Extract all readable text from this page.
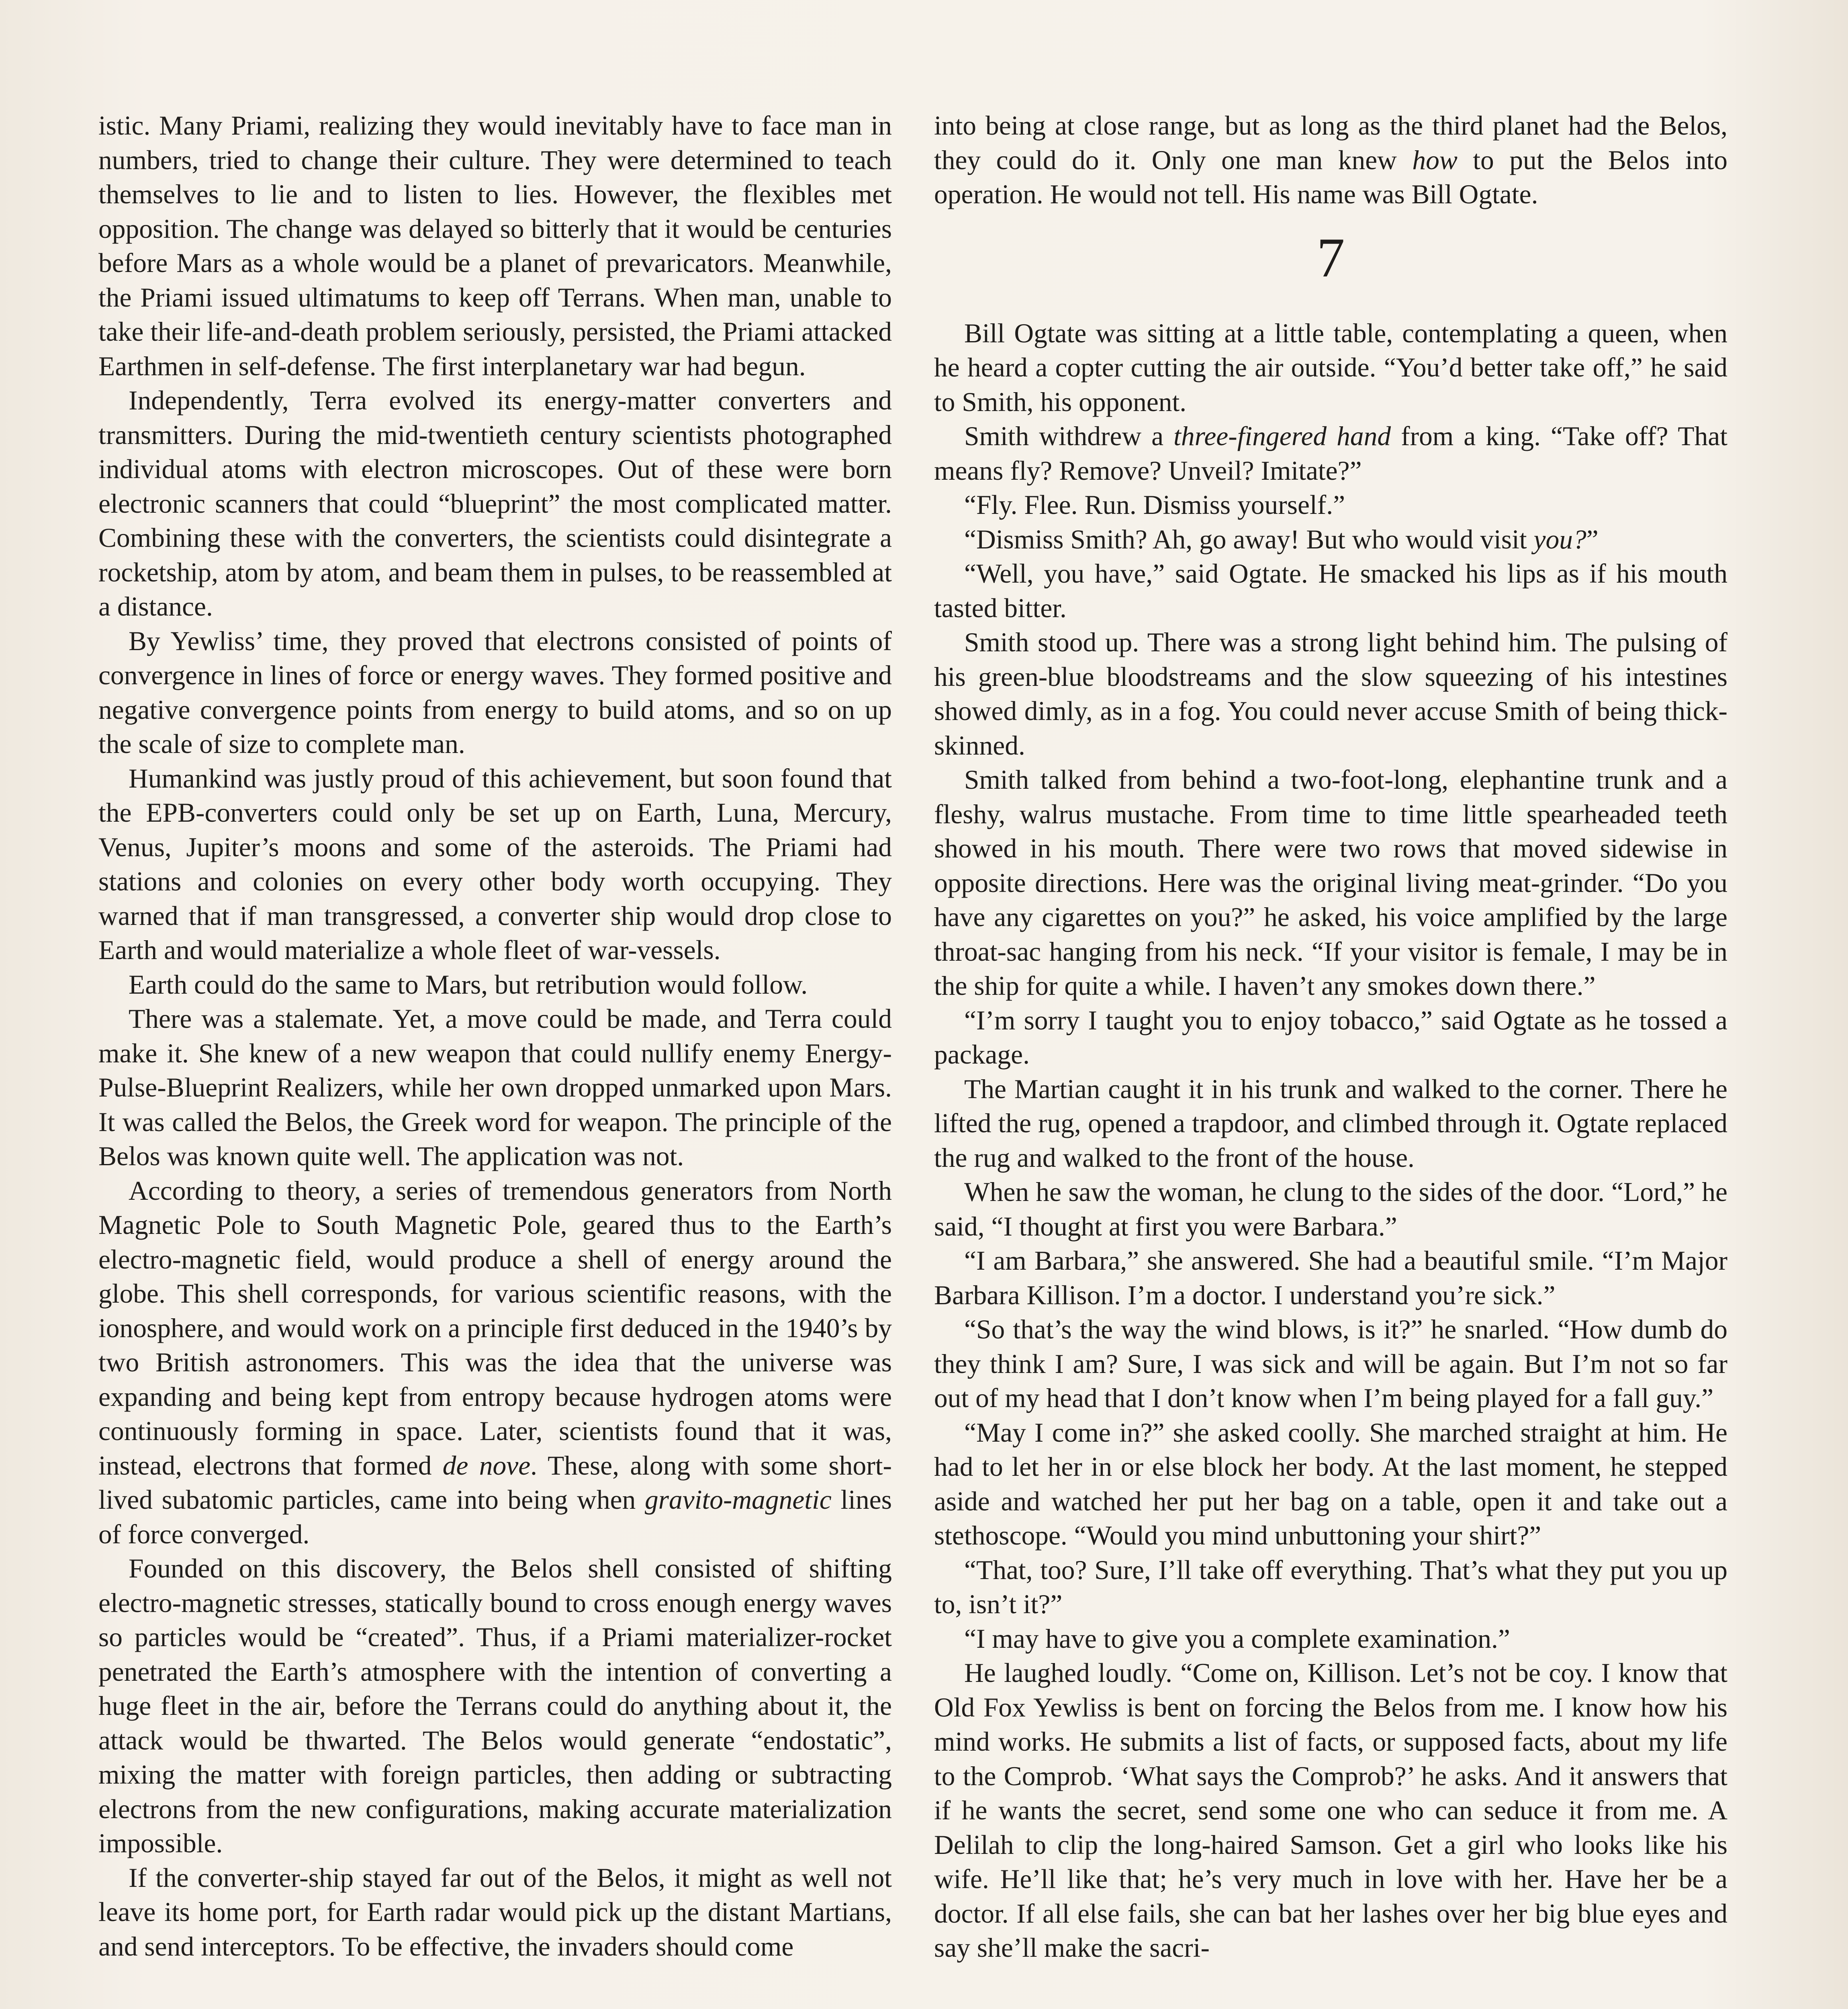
istic. Many Priami, realizing they would inevitably have to face man in numbers, tried to change their culture. They were determined to teach themselves to lie and to listen to lies. However, the flexibles met opposition. The change was delayed so bitterly that it would be centuries before Mars as a whole would be a planet of prevaricators. Meanwhile, the Priami issued ultimatums to keep off Terrans. When man, unable to take their life-and-death problem seriously, persisted, the Priami attacked Earthmen in self-defense. The first interplanetary war had begun.

Independently, Terra evolved its energy-matter converters and transmitters. During the mid-twentieth century scientists photographed individual atoms with electron microscopes. Out of these were born electronic scanners that could “blueprint” the most complicated matter. Combining these with the converters, the scientists could disintegrate a rocketship, atom by atom, and beam them in pulses, to be reassembled at a distance.

By Yewliss’ time, they proved that electrons consisted of points of convergence in lines of force or energy waves. They formed positive and negative convergence points from energy to build atoms, and so on up the scale of size to complete man.

Humankind was justly proud of this achievement, but soon found that the EPB-converters could only be set up on Earth, Luna, Mercury, Venus, Jupiter’s moons and some of the asteroids. The Priami had stations and colonies on every other body worth occupying. They warned that if man transgressed, a converter ship would drop close to Earth and would materialize a whole fleet of war-vessels.

Earth could do the same to Mars, but retribution would follow.

There was a stalemate. Yet, a move could be made, and Terra could make it. She knew of a new weapon that could nullify enemy Energy-Pulse-Blueprint Realizers, while her own dropped unmarked upon Mars. It was called the Belos, the Greek word for weapon. The principle of the Belos was known quite well. The application was not.

According to theory, a series of tremendous generators from North Magnetic Pole to South Magnetic Pole, geared thus to the Earth’s electro-magnetic field, would produce a shell of energy around the globe. This shell corresponds, for various scientific reasons, with the ionosphere, and would work on a principle first deduced in the 1940’s by two British astronomers. This was the idea that the universe was expanding and being kept from entropy because hydrogen atoms were continuously forming in space. Later, scientists found that it was, instead, electrons that formed de nove. These, along with some short-lived subatomic particles, came into being when gravito-magnetic lines of force converged.

Founded on this discovery, the Belos shell consisted of shifting electro-magnetic stresses, statically bound to cross enough energy waves so particles would be “created”. Thus, if a Priami materializer-rocket penetrated the Earth’s atmosphere with the intention of converting a huge fleet in the air, before the Terrans could do anything about it, the attack would be thwarted. The Belos would generate “endostatic”, mixing the matter with foreign particles, then adding or subtracting electrons from the new configurations, making accurate materialization impossible.

If the converter-ship stayed far out of the Belos, it might as well not leave its home port, for Earth radar would pick up the distant Martians, and send interceptors. To be effective, the invaders should come

into being at close range, but as long as the third planet had the Belos, they could do it. Only one man knew how to put the Belos into operation. He would not tell. His name was Bill Ogtate.

7

Bill Ogtate was sitting at a little table, contemplating a queen, when he heard a copter cutting the air outside. “You’d better take off,” he said to Smith, his opponent.

Smith withdrew a three-fingered hand from a king. “Take off? That means fly? Remove? Unveil? Imitate?”

“Fly. Flee. Run. Dismiss yourself.”

“Dismiss Smith? Ah, go away! But who would visit you?”

“Well, you have,” said Ogtate. He smacked his lips as if his mouth tasted bitter.

Smith stood up. There was a strong light behind him. The pulsing of his green-blue bloodstreams and the slow squeezing of his intestines showed dimly, as in a fog. You could never accuse Smith of being thick-skinned.

Smith talked from behind a two-foot-long, elephantine trunk and a fleshy, walrus mustache. From time to time little spearheaded teeth showed in his mouth. There were two rows that moved sidewise in opposite directions. Here was the original living meat-grinder. “Do you have any cigarettes on you?” he asked, his voice amplified by the large throat-sac hanging from his neck. “If your visitor is female, I may be in the ship for quite a while. I haven’t any smokes down there.”

“I’m sorry I taught you to enjoy tobacco,” said Ogtate as he tossed a package.

The Martian caught it in his trunk and walked to the corner. There he lifted the rug, opened a trapdoor, and climbed through it. Ogtate replaced the rug and walked to the front of the house.

When he saw the woman, he clung to the sides of the door. “Lord,” he said, “I thought at first you were Barbara.”

“I am Barbara,” she answered. She had a beautiful smile. “I’m Major Barbara Killison. I’m a doctor. I understand you’re sick.”

“So that’s the way the wind blows, is it?” he snarled. “How dumb do they think I am? Sure, I was sick and will be again. But I’m not so far out of my head that I don’t know when I’m being played for a fall guy.”

“May I come in?” she asked coolly. She marched straight at him. He had to let her in or else block her body. At the last moment, he stepped aside and watched her put her bag on a table, open it and take out a stethoscope. “Would you mind unbuttoning your shirt?”

“That, too? Sure, I’ll take off everything. That’s what they put you up to, isn’t it?”

“I may have to give you a complete examination.”

He laughed loudly. “Come on, Killison. Let’s not be coy. I know that Old Fox Yewliss is bent on forcing the Belos from me. I know how his mind works. He submits a list of facts, or supposed facts, about my life to the Comprob. ‘What says the Comprob?’ he asks. And it answers that if he wants the secret, send some one who can seduce it from me. A Delilah to clip the long-haired Samson. Get a girl who looks like his wife. He’ll like that; he’s very much in love with her. Have her be a doctor. If all else fails, she can bat her lashes over her big blue eyes and say she’ll make the sacri-
